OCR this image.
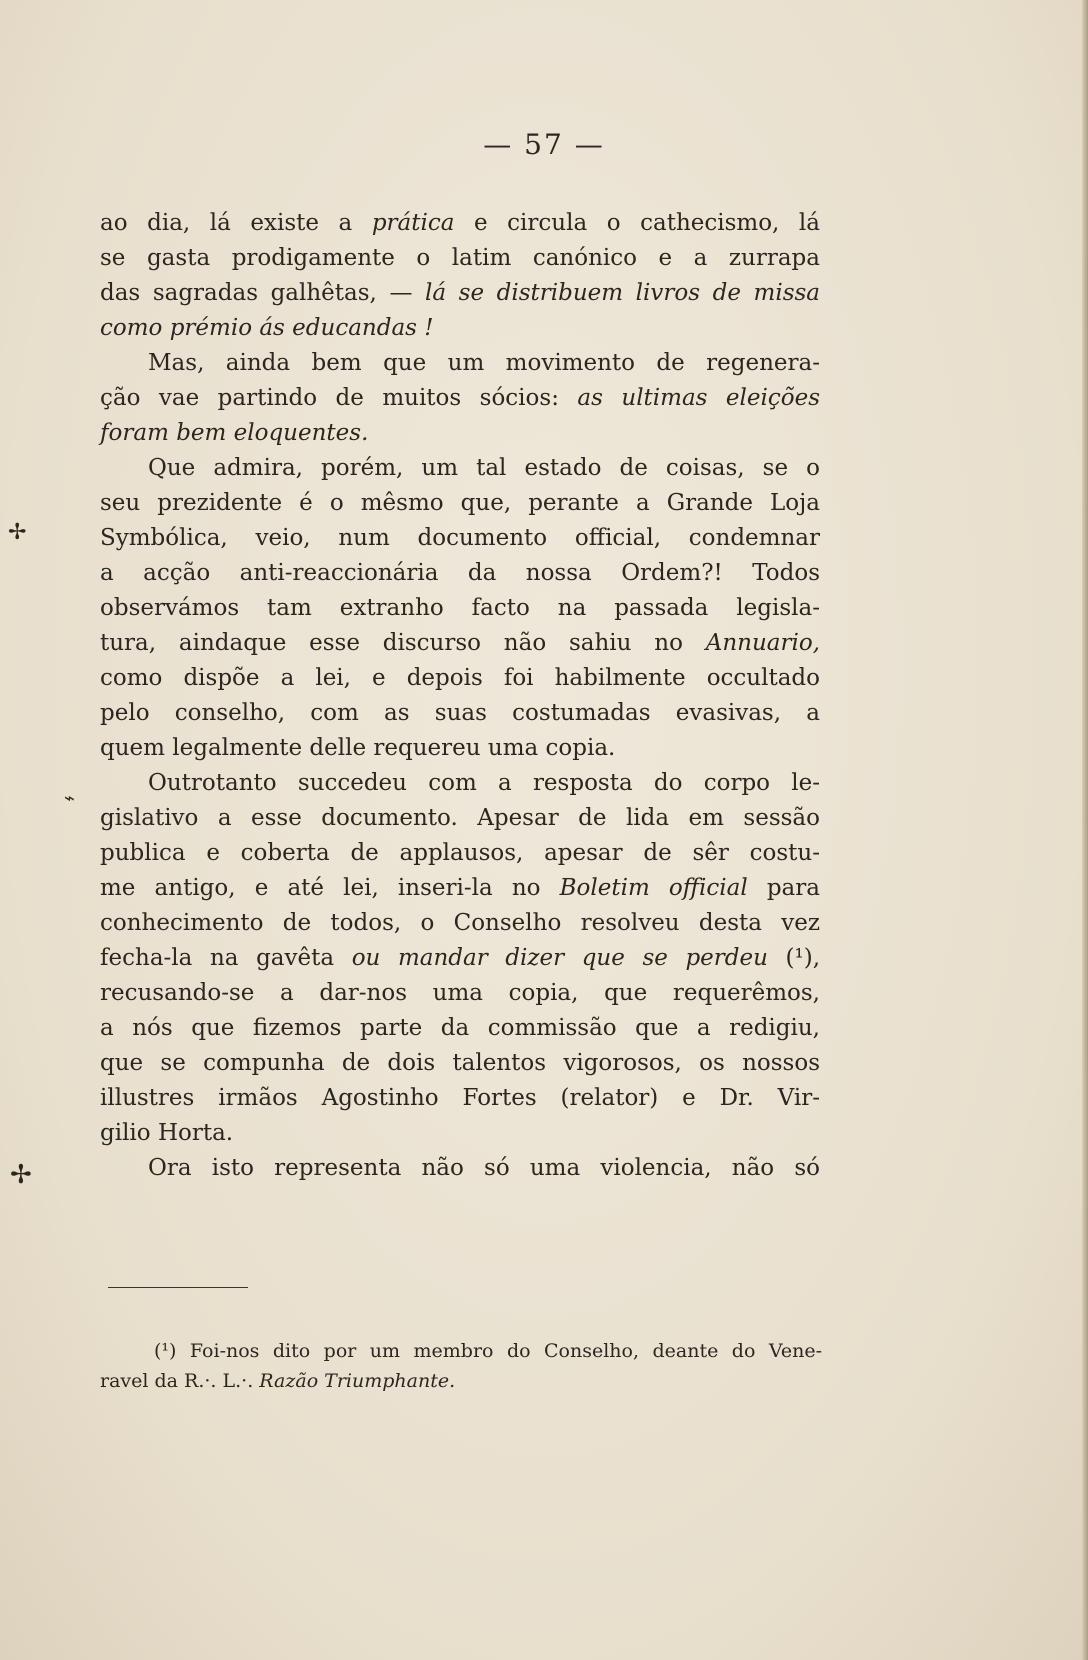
— 57 —
ao dia, lá existe a prática e circula o cathecismo, lá
se gasta prodigamente o latim canónico e a zurrapa
das sagradas galhêtas, — lá se distribuem livros de missa
como prémio ás educandas !
Mas, ainda bem que um movimento de regenera-
ção vae partindo de muitos sócios: as ultimas eleições
foram bem eloquentes.
Que admira, porém, um tal estado de coisas, se o
seu prezidente é o mêsmo que, perante a Grande Loja
Symbólica, veio, num documento official, condemnar
a acção anti-reaccionária da nossa Ordem?! Todos
observámos tam extranho facto na passada legisla-
tura, aindaque esse discurso não sahiu no Annuario,
como dispõe a lei, e depois foi habilmente occultado
pelo conselho, com as suas costumadas evasivas, a
quem legalmente delle requereu uma copia.
Outrotanto succedeu com a resposta do corpo le-
gislativo a esse documento. Apesar de lida em sessão
publica e coberta de applausos, apesar de sêr costu-
me antigo, e até lei, inseri-la no Boletim official para
conhecimento de todos, o Conselho resolveu desta vez
fecha-la na gavêta ou mandar dizer que se perdeu (¹),
recusando-se a dar-nos uma copia, que requerêmos,
a nós que fizemos parte da commissão que a redigiu,
que se compunha de dois talentos vigorosos, os nossos
illustres irmãos Agostinho Fortes (relator) e Dr. Vir-
gilio Horta.
Ora isto representa não só uma violencia, não só
(¹) Foi-nos dito por um membro do Conselho, deante do Vene-
ravel da R.·. L.·. Razão Triumphante.
✢
⌁
✢
